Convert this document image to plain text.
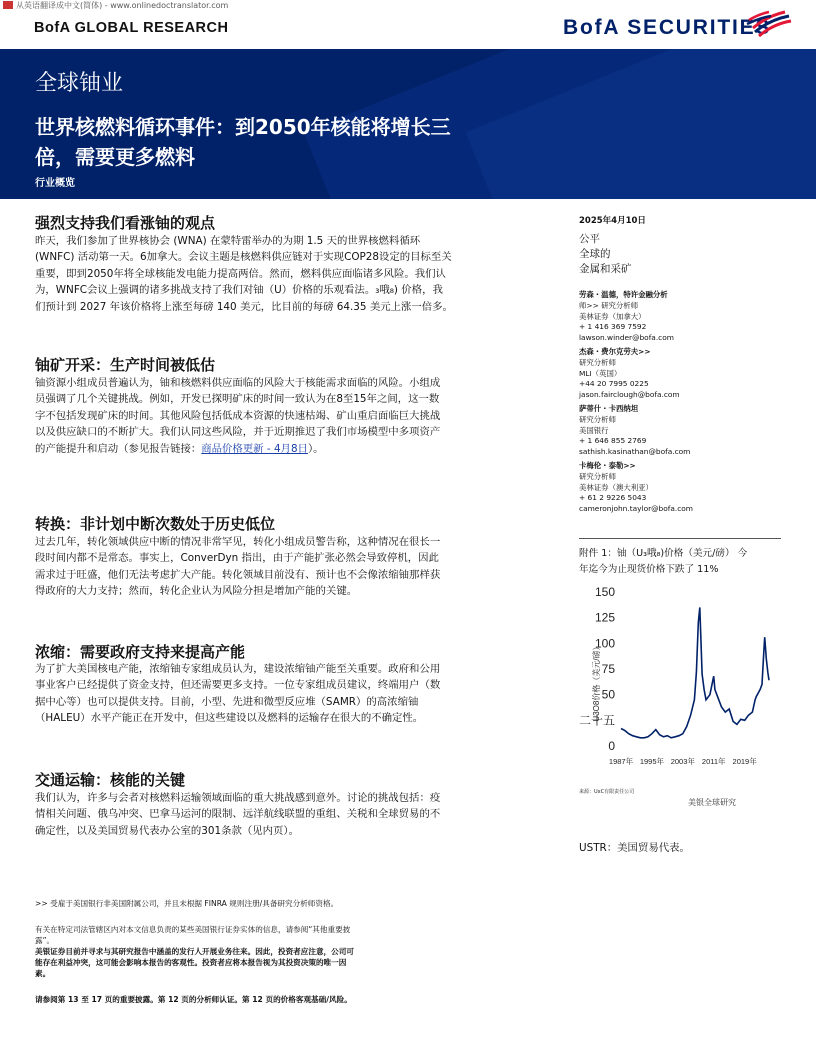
从英语翻译成中文(简体) - www.onlinedoctranslator.com
BofA GLOBAL RESEARCH	BofA SECURITIES
全球铀业
世界核燃料循环事件：到2050年核能将增长三
倍，需要更多燃料
行业概览
强烈支持我们看涨铀的观点
昨天，我们参加了世界核协会 (WNA) 在蒙特雷举办的为期 1.5 天的世界核燃料循环
(WNFC) 活动第一天。6加拿大。会议主题是核燃料供应链对于实现COP28设定的目标至关
重要，即到2050年将全球核能发电能力提高两倍。然而，燃料供应面临诸多风险。我们认
为，WNFC会议上强调的诸多挑战支持了我们对铀（U）价格的乐观看法。₃哦₈) 价格，我
们预计到 2027 年该价格将上涨至每磅 140 美元，比目前的每磅 64.35 美元上涨一倍多。
铀矿开采：生产时间被低估
铀资源小组成员普遍认为，铀和核燃料供应面临的风险大于核能需求面临的风险。小组成
员强调了几个关键挑战。例如，开发已探明矿床的时间一致认为在8至15年之间，这一数
字不包括发现矿床的时间。其他风险包括低成本资源的快速枯竭、矿山重启面临巨大挑战
以及供应缺口的不断扩大。我们认同这些风险，并于近期推迟了我们市场模型中多项资产
的产能提升和启动（参见报告链接：商品价格更新 - 4月8日）。
转换：非计划中断次数处于历史低位
过去几年，转化领域供应中断的情况非常罕见，转化小组成员警告称，这种情况在很长一
段时间内都不是常态。事实上，ConverDyn 指出，由于产能扩张必然会导致停机，因此
需求过于旺盛，他们无法考虑扩大产能。转化领域目前没有、预计也不会像浓缩铀那样获
得政府的大力支持；然而，转化企业认为风险分担是增加产能的关键。
浓缩：需要政府支持来提高产能
为了扩大美国核电产能，浓缩铀专家组成员认为，建设浓缩铀产能至关重要。政府和公用
事业客户已经提供了资金支持，但还需要更多支持。一位专家组成员建议，终端用户（数
据中心等）也可以提供支持。目前，小型、先进和微型反应堆（SAMR）的高浓缩铀
（HALEU）水平产能正在开发中，但这些建设以及燃料的运输存在很大的不确定性。
交通运输：核能的关键
我们认为，许多与会者对核燃料运输领域面临的重大挑战感到意外。讨论的挑战包括：疫
情相关问题、俄乌冲突、巴拿马运河的限制、远洋航线联盟的重组、关税和全球贸易的不
确定性，以及美国贸易代表办公室的301条款（见内页）。
2025年4月10日
公平
全球的
金属和采矿
劳森・温德，特许金融分析
师>> 研究分析师
美林证券（加拿大）
+ 1 416 369 7592
lawson.winder@bofa.com
杰森・费尔克劳夫>>
研究分析师
MLI（英国）
+44 20 7995 0225
jason.fairclough@bofa.com
萨蒂什・卡西纳坦
研究分析师
美国银行
+ 1 646 855 2769
sathish.kasinathan@bofa.com
卡梅伦・泰勒>>
研究分析师
美林证券（澳大利亚）
+ 61 2 9226 5043
cameronjohn.taylor@bofa.com
附件 1：铀（U₃哦₈)价格（美元/磅） 今
年迄今为止现货价格下跌了 11%
0
二十五
50
75
100
125
150
1987年 1995年 2003年 2011年 2019年
U3O8价格（美元/磅）
来源：UxC有限责任公司
美银全球研究
USTR：美国贸易代表。
>> 受雇于美国银行非美国附属公司，并且未根据 FINRA 规则注册/具备研究分析师资格。
有关在特定司法管辖区内对本文信息负责的某些美国银行证券实体的信息，请参阅“其他重要披
露”。
美银证券目前并寻求与其研究报告中涵盖的发行人开展业务往来。因此，投资者应注意，公司可
能存在利益冲突，这可能会影响本报告的客观性。投资者应将本报告视为其投资决策的唯一因
素。
请参阅第 13 至 17 页的重要披露。第 12 页的分析师认证。第 12 页的价格客观基础/风险。
